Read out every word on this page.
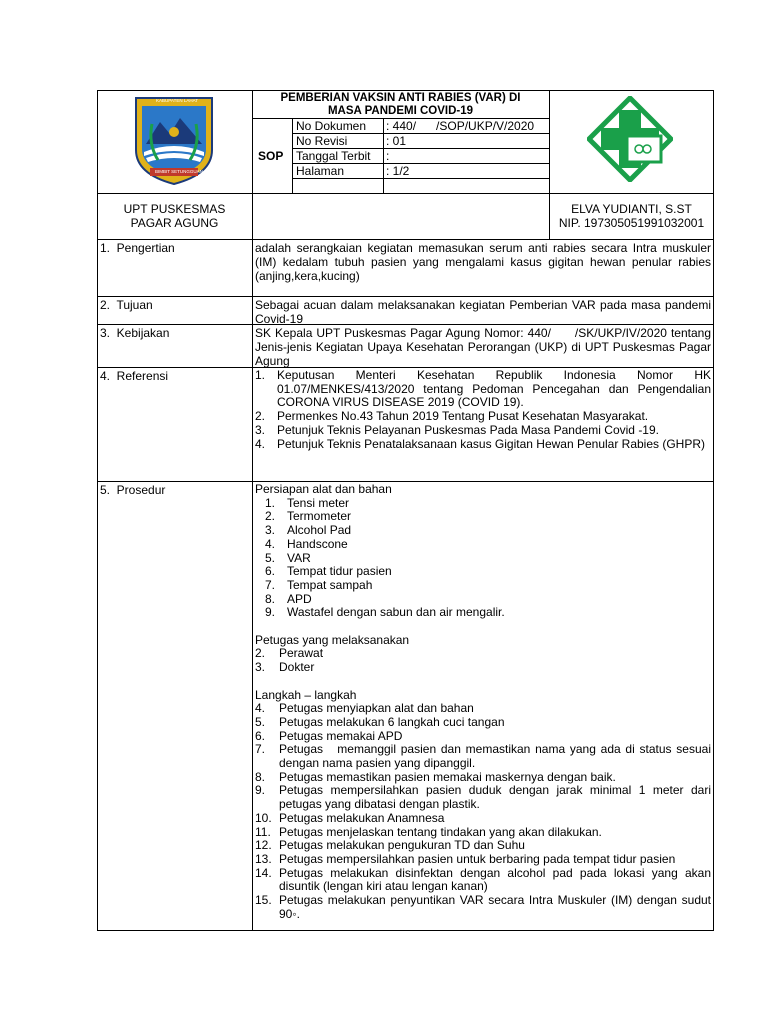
KABUPATEN LAHAT
BIMBIT SETUNGGUAN
PEMBERIAN VAKSIN ANTI RABIES (VAR) DI
MASA PANDEMI COVID-19
SOP
No Dokumen : 440/      /SOP/UKP/V/2020
No Revisi	: 01
Tanggal Terbit :
Halaman	: 1/2
UPT PUSKESMAS
PAGAR AGUNG
ELVA YUDIANTI, S.ST
NIP. 197305051991032001
1.  Pengertian	adalah serangkaian kegiatan memasukan serum anti rabies secara Intra muskuler (IM) kedalam tubuh pasien yang mengalami kasus gigitan hewan penular rabies (anjing,kera,kucing)
2.  Tujuan	Sebagai acuan dalam melaksanakan kegiatan Pemberian VAR pada masa pandemi Covid-19
3.  Kebijakan	SK Kepala UPT Puskesmas Pagar Agung Nomor: 440/      /SK/UKP/IV/2020 tentang Jenis-jenis Kegiatan Upaya Kesehatan Perorangan (UKP) di UPT Puskesmas Pagar Agung
4.  Referensi	1. Keputusan   Menteri   Kesehatan   Republik   Indonesia   Nomor   HK 01.07/MENKES/413/2020 tentang Pedoman Pencegahan dan Pengendalian CORONA VIRUS DISEASE 2019 (COVID 19).
2. Permenkes No.43 Tahun 2019 Tentang Pusat Kesehatan Masyarakat.
3. Petunjuk Teknis Pelayanan Puskesmas Pada Masa Pandemi Covid -19.
4. Petunjuk Teknis Penatalaksanaan kasus Gigitan Hewan Penular Rabies (GHPR)
5.  Prosedur	Persiapan alat dan bahan
1. Tensi meter
2. Termometer
3. Alcohol Pad
4. Handscone
5. VAR
6. Tempat tidur pasien
7. Tempat sampah
8. APD
9. Wastafel dengan sabun dan air mengalir.
Petugas yang melaksanakan
2.	Perawat
3.	Dokter
Langkah – langkah
4.	Petugas menyiapkan alat dan bahan
5.	Petugas melakukan 6 langkah cuci tangan
6.	Petugas memakai APD
7.	Petugas   memanggil pasien dan memastikan nama yang ada di status sesuai dengan nama pasien yang dipanggil.
8.	Petugas memastikan pasien memakai maskernya dengan baik.
9.	Petugas mempersilahkan pasien duduk dengan jarak minimal 1 meter dari petugas yang dibatasi dengan plastik.
10. Petugas melakukan Anamnesa
11. Petugas menjelaskan tentang tindakan yang akan dilakukan.
12. Petugas melakukan pengukuran TD dan Suhu
13. Petugas mempersilahkan pasien untuk berbaring pada tempat tidur pasien
14. Petugas melakukan disinfektan dengan alcohol pad pada lokasi yang akan disuntik (lengan kiri atau lengan kanan)
15. Petugas melakukan penyuntikan VAR secara Intra Muskuler (IM) dengan sudut 90◦.
